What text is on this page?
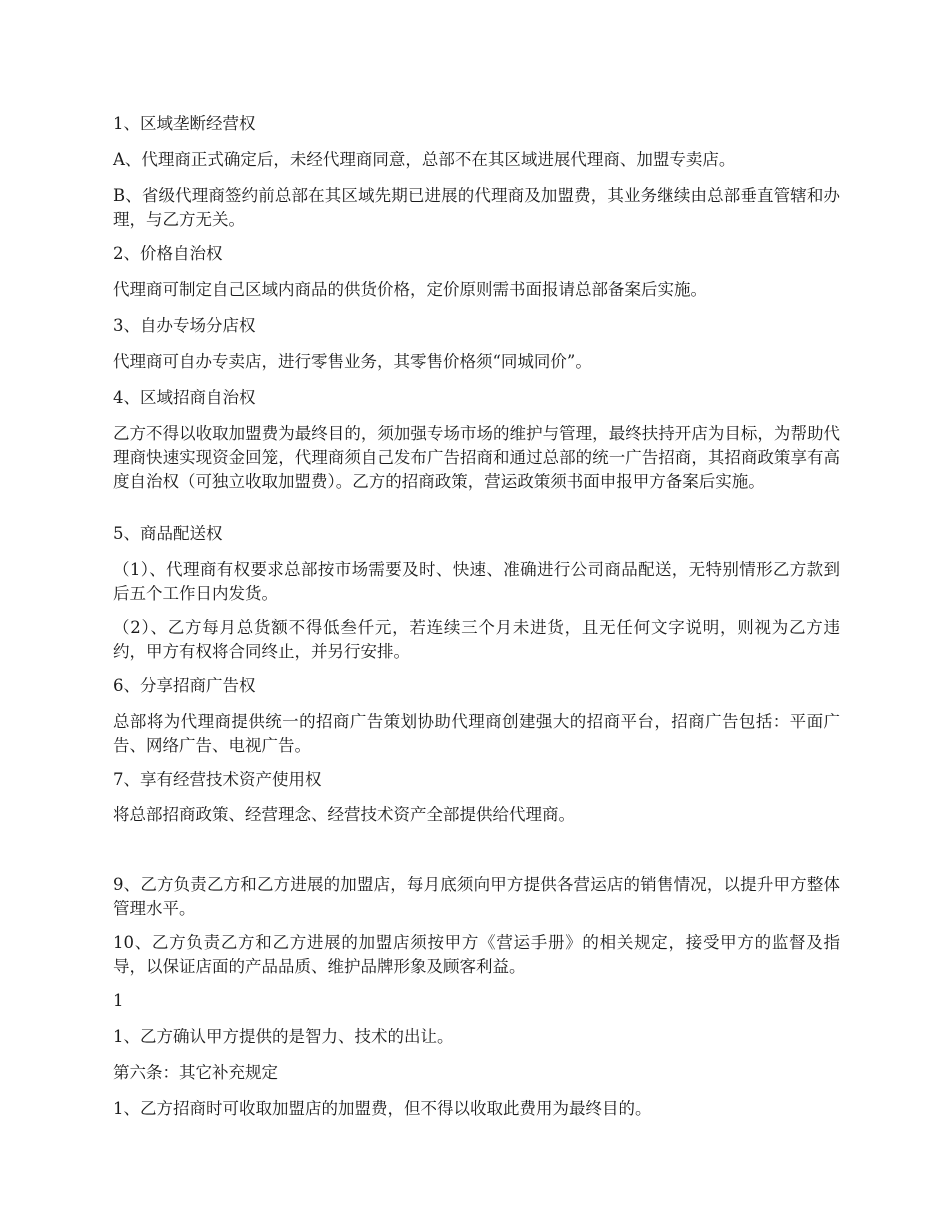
1、区域垄断经营权

A、代理商正式确定后，未经代理商同意，总部不在其区域进展代理商、加盟专卖店。

B、省级代理商签约前总部在其区域先期已进展的代理商及加盟费，其业务继续由总部垂直管辖和办理，与乙方无关。

2、价格自治权

代理商可制定自己区域内商品的供货价格，定价原则需书面报请总部备案后实施。

3、自办专场分店权

代理商可自办专卖店，进行零售业务，其零售价格须“同城同价”。

4、区域招商自治权

乙方不得以收取加盟费为最终目的，须加强专场市场的维护与管理，最终扶持开店为目标，为帮助代理商快速实现资金回笼，代理商须自己发布广告招商和通过总部的统一广告招商，其招商政策享有高度自治权（可独立收取加盟费）。乙方的招商政策，营运政策须书面申报甲方备案后实施。

5、商品配送权

（1）、代理商有权要求总部按市场需要及时、快速、准确进行公司商品配送，无特别情形乙方款到后五个工作日内发货。

（2）、乙方每月总货额不得低叁仟元，若连续三个月未进货，且无任何文字说明，则视为乙方违约，甲方有权将合同终止，并另行安排。

6、分享招商广告权

总部将为代理商提供统一的招商广告策划协助代理商创建强大的招商平台，招商广告包括：平面广告、网络广告、电视广告。

7、享有经营技术资产使用权

将总部招商政策、经营理念、经营技术资产全部提供给代理商。

9、乙方负责乙方和乙方进展的加盟店，每月底须向甲方提供各营运店的销售情况，以提升甲方整体管理水平。

10、乙方负责乙方和乙方进展的加盟店须按甲方《营运手册》的相关规定，接受甲方的监督及指导，以保证店面的产品品质、维护品牌形象及顾客利益。

1

1、乙方确认甲方提供的是智力、技术的出让。

第六条：其它补充规定

1、乙方招商时可收取加盟店的加盟费，但不得以收取此费用为最终目的。
